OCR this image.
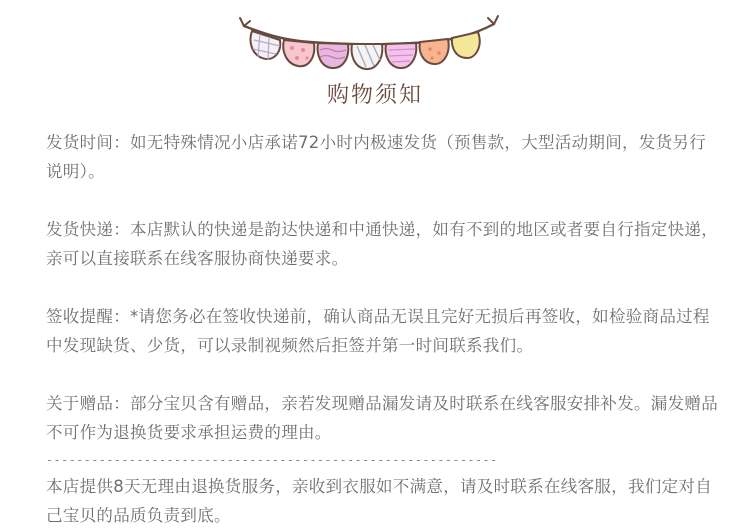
购物须知

发货时间：如无特殊情况小店承诺72小时内极速发货（预售款，大型活动期间，发货另行说明）。

发货快递：本店默认的快递是韵达快递和中通快递，如有不到的地区或者要自行指定快递，亲可以直接联系在线客服协商快递要求。

签收提醒：*请您务必在签收快递前，确认商品无误且完好无损后再签收，如检验商品过程中发现缺货、少货，可以录制视频然后拒签并第一时间联系我们。

关于赠品：部分宝贝含有赠品，亲若发现赠品漏发请及时联系在线客服安排补发。漏发赠品不可作为退换货要求承担运费的理由。

------------------------------------------------------------

本店提供8天无理由退换货服务，亲收到衣服如不满意，请及时联系在线客服，我们定对自己宝贝的品质负责到底。
